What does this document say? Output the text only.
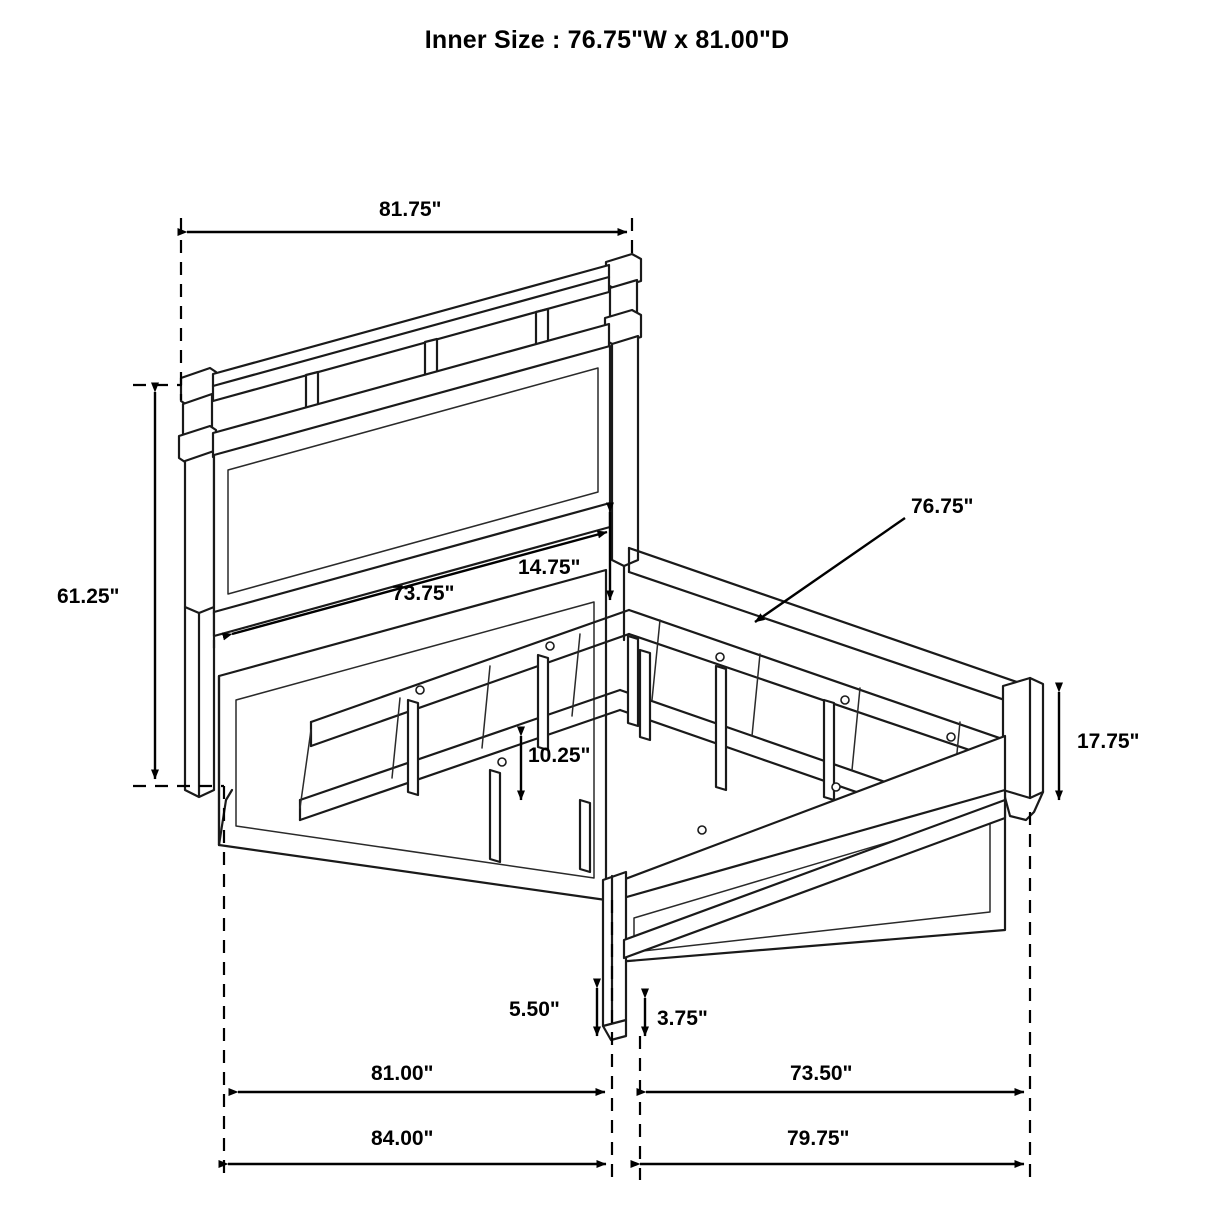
Inner Size : 76.75"W x 81.00"D
81.75"
61.25"	73.75"
14.75"
76.75"
10.25"
17.75"
5.50"	3.75"
81.00"	73.50"
84.00"	79.75"
